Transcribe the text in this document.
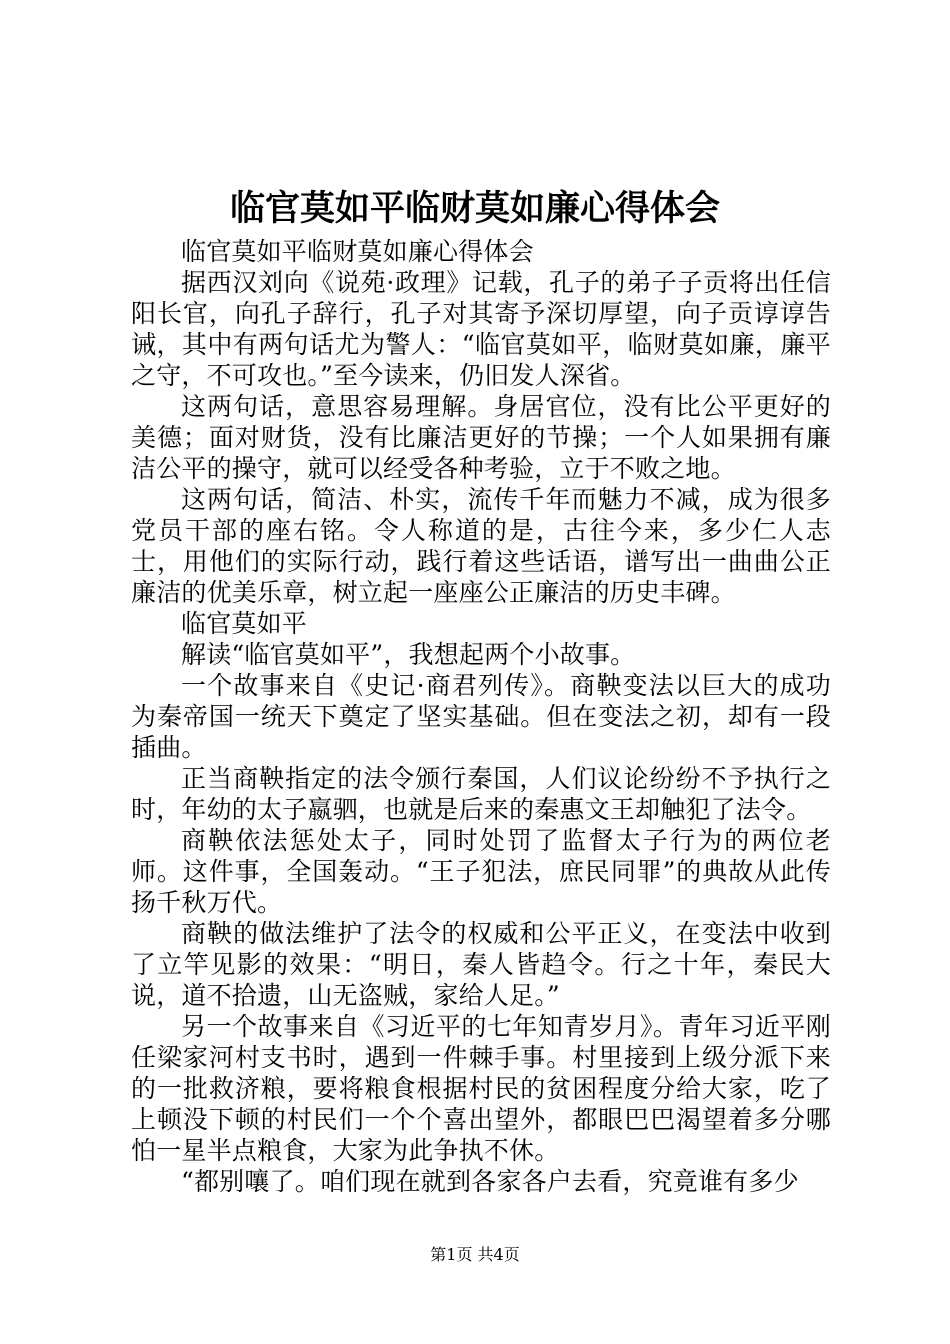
临官莫如平临财莫如廉心得体会

临官莫如平临财莫如廉心得体会

据西汉刘向《说苑·政理》记载，孔子的弟子子贡将出任信阳长官，向孔子辞行，孔子对其寄予深切厚望，向子贡谆谆告诫，其中有两句话尤为警人：“临官莫如平，临财莫如廉，廉平之守，不可攻也。”至今读来，仍旧发人深省。

这两句话，意思容易理解。身居官位，没有比公平更好的美德；面对财货，没有比廉洁更好的节操；一个人如果拥有廉洁公平的操守，就可以经受各种考验，立于不败之地。

这两句话，简洁、朴实，流传千年而魅力不减，成为很多党员干部的座右铭。令人称道的是，古往今来，多少仁人志士，用他们的实际行动，践行着这些话语，谱写出一曲曲公正廉洁的优美乐章，树立起一座座公正廉洁的历史丰碑。

临官莫如平

解读“临官莫如平”，我想起两个小故事。

一个故事来自《史记·商君列传》。商鞅变法以巨大的成功为秦帝国一统天下奠定了坚实基础。但在变法之初，却有一段插曲。

正当商鞅指定的法令颁行秦国，人们议论纷纷不予执行之时，年幼的太子嬴驷，也就是后来的秦惠文王却触犯了法令。

商鞅依法惩处太子，同时处罚了监督太子行为的两位老师。这件事，全国轰动。“王子犯法，庶民同罪”的典故从此传扬千秋万代。

商鞅的做法维护了法令的权威和公平正义，在变法中收到了立竿见影的效果：“明日，秦人皆趋令。行之十年，秦民大说，道不拾遗，山无盗贼，家给人足。”

另一个故事来自《习近平的七年知青岁月》。青年习近平刚任梁家河村支书时，遇到一件棘手事。村里接到上级分派下来的一批救济粮，要将粮食根据村民的贫困程度分给大家，吃了上顿没下顿的村民们一个个喜出望外，都眼巴巴渴望着多分哪怕一星半点粮食，大家为此争执不休。

“都别嚷了。咱们现在就到各家各户去看，究竟谁有多少

第1页 共4页
